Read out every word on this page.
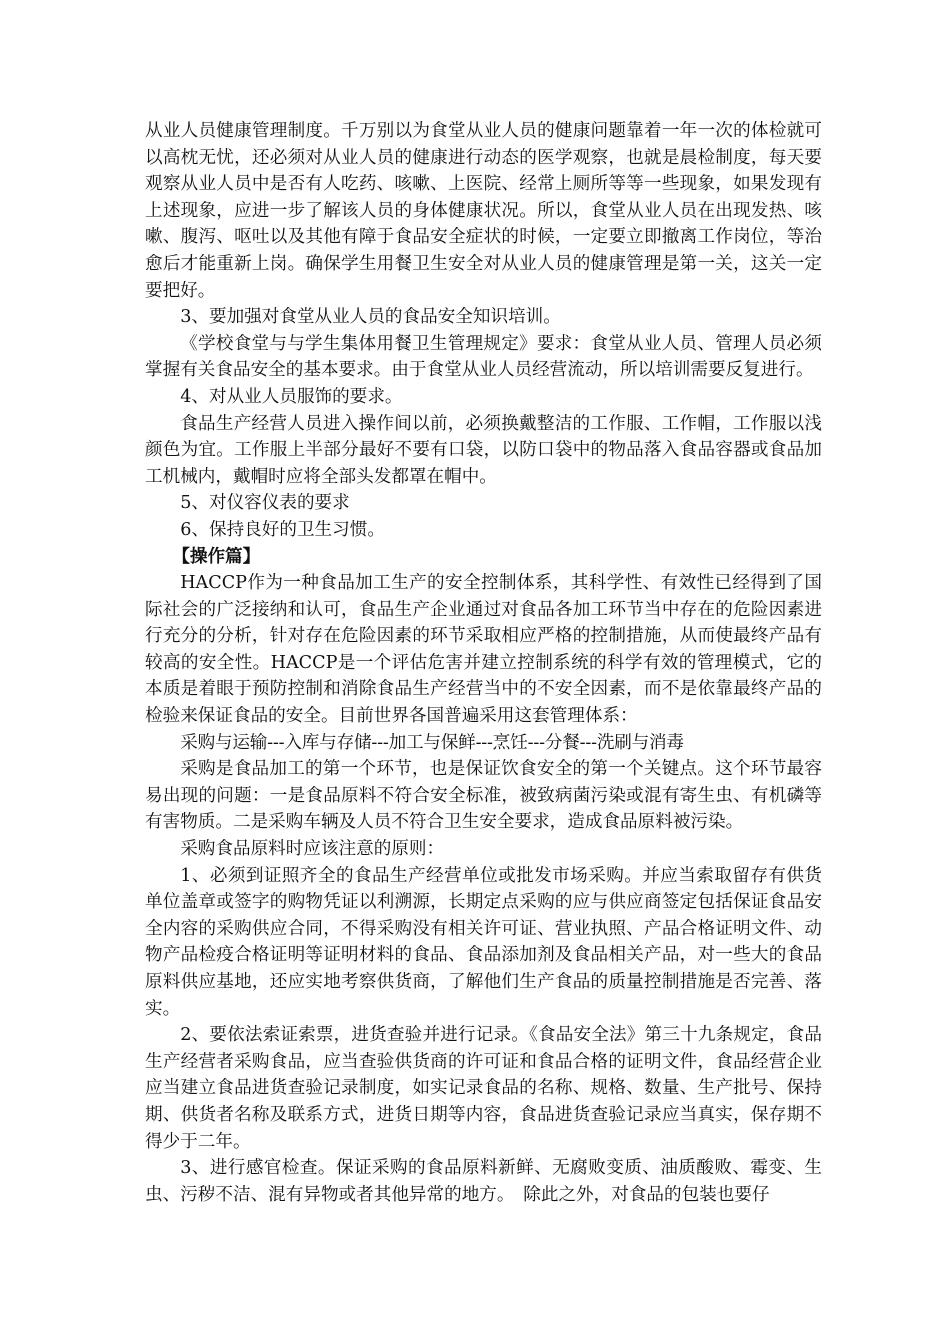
从业人员健康管理制度。千万别以为食堂从业人员的健康问题靠着一年一次的体检就可以高枕无忧，还必须对从业人员的健康进行动态的医学观察，也就是晨检制度，每天要观察从业人员中是否有人吃药、咳嗽、上医院、经常上厕所等等一些现象，如果发现有上述现象，应进一步了解该人员的身体健康状况。所以，食堂从业人员在出现发热、咳嗽、腹泻、呕吐以及其他有障于食品安全症状的时候，一定要立即撤离工作岗位，等治愈后才能重新上岗。确保学生用餐卫生安全对从业人员的健康管理是第一关，这关一定要把好。

3、要加强对食堂从业人员的食品安全知识培训。

《学校食堂与与学生集体用餐卫生管理规定》要求：食堂从业人员、管理人员必须掌握有关食品安全的基本要求。由于食堂从业人员经营流动，所以培训需要反复进行。

4、对从业人员服饰的要求。

食品生产经营人员进入操作间以前，必须换戴整洁的工作服、工作帽，工作服以浅颜色为宜。工作服上半部分最好不要有口袋，以防口袋中的物品落入食品容器或食品加工机械内，戴帽时应将全部头发都罩在帽中。

5、对仪容仪表的要求

6、保持良好的卫生习惯。

【操作篇】

HACCP作为一种食品加工生产的安全控制体系，其科学性、有效性已经得到了国际社会的广泛接纳和认可，食品生产企业通过对食品各加工环节当中存在的危险因素进行充分的分析，针对存在危险因素的环节采取相应严格的控制措施，从而使最终产品有较高的安全性。HACCP是一个评估危害并建立控制系统的科学有效的管理模式，它的本质是着眼于预防控制和消除食品生产经营当中的不安全因素，而不是依靠最终产品的检验来保证食品的安全。目前世界各国普遍采用这套管理体系：

采购与运输---入库与存储---加工与保鲜---烹饪---分餐---洗刷与消毒

采购是食品加工的第一个环节，也是保证饮食安全的第一个关键点。这个环节最容易出现的问题：一是食品原料不符合安全标准，被致病菌污染或混有寄生虫、有机磷等有害物质。二是采购车辆及人员不符合卫生安全要求，造成食品原料被污染。

采购食品原料时应该注意的原则：

1、必须到证照齐全的食品生产经营单位或批发市场采购。并应当索取留存有供货单位盖章或签字的购物凭证以利溯源，长期定点采购的应与供应商签定包括保证食品安全内容的采购供应合同，不得采购没有相关许可证、营业执照、产品合格证明文件、动物产品检疫合格证明等证明材料的食品、食品添加剂及食品相关产品，对一些大的食品原料供应基地，还应实地考察供货商，了解他们生产食品的质量控制措施是否完善、落实。

2、要依法索证索票，进货查验并进行记录。《食品安全法》第三十九条规定，食品生产经营者采购食品，应当查验供货商的许可证和食品合格的证明文件，食品经营企业应当建立食品进货查验记录制度，如实记录食品的名称、规格、数量、生产批号、保持期、供货者名称及联系方式，进货日期等内容，食品进货查验记录应当真实，保存期不得少于二年。

3、进行感官检查。保证采购的食品原料新鲜、无腐败变质、油质酸败、霉变、生虫、污秽不洁、混有异物或者其他异常的地方。　除此之外，对食品的包装也要仔
